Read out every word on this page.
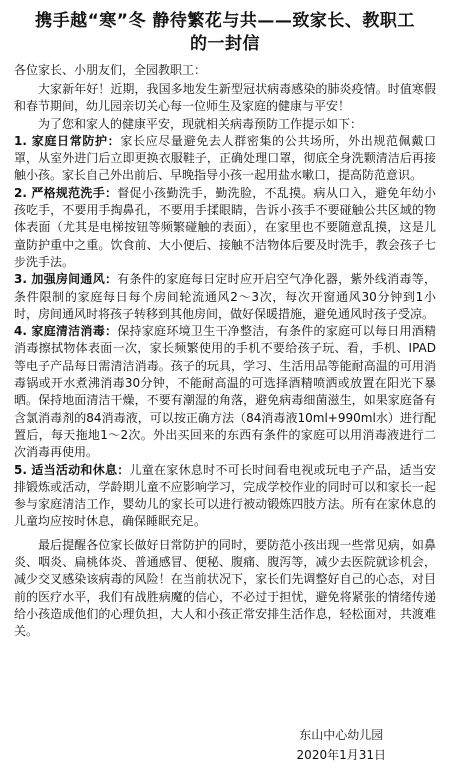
携手越“寒”冬 静待繁花与共——致家长、教职工
的一封信

各位家长、小朋友们，全园教职工：

大家新年好！近期，我国多地发生新型冠状病毒感染的肺炎疫情。时值寒假和春节期间，幼儿园亲切关心每一位师生及家庭的健康与平安！

为了您和家人的健康平安，现就相关病毒预防工作提示如下：

1. 家庭日常防护：家长应尽量避免去人群密集的公共场所，外出规范佩戴口罩，从室外进门后立即更换衣服鞋子，正确处理口罩，彻底全身洗颗清洁后再接触小孩。家长自己外出前后、早晚指导小孩一起用盐水嗽口，提高防范意识。

2. 严格规范洗手：督促小孩勤洗手，勤洗脸，不乱摸。病从口入，避免年幼小孩吃手，不要用手掏鼻孔，不要用手揉眼睛，告诉小孩手不要碰触公共区域的物体表面（尤其是电梯按钮等频繁碰触的表面），在家里也不要随意乱摸，这是儿童防护重中之重。饮食前、大小便后、接触不洁物体后要及时洗手，教会孩子七步洗手法。

3. 加强房间通风：有条件的家庭每日定时应开启空气净化器，紫外线消毒等，条件限制的家庭每日每个房间轮流通风2～3次，每次开窗通风30分钟到1小时，房间通风时将孩子转移到其他房间，做好保暖措施，避免通风时孩子受凉。

4. 家庭清洁消毒：保持家庭环境卫生干净整洁，有条件的家庭可以每日用酒精消毒擦拭物体表面一次，家长频繁使用的手机不要给孩子玩、看，手机、IPAD等电子产品每日需清洁消毒。孩子的玩具，学习、生活用品等能耐高温的可用消毒锅或开水煮沸消毒30分钟，不能耐高温的可选择酒精喷洒或放置在阳光下暴晒。保持地面清洁干燥，不要有潮湿的角落，避免病毒细菌滋生，如果家庭备有含氯消毒剂的84消毒液，可以按正确方法（84消毒液10ml+990ml水）进行配置后，每天拖地1～2次。外出买回来的东西有条件的家庭可以用消毒液进行二次消毒再使用。

5. 适当活动和休息：儿童在家休息时不可长时间看电视或玩电子产品，适当安排锻炼或活动，学龄期儿童不应影响学习，完成学校作业的同时可以和家长一起参与家庭清洁工作，婴幼儿的家长可以进行被动锻炼四肢方法。所有在家休息的儿童均应按时休息，确保睡眠充足。

最后提醒各位家长做好日常防护的同时，要防范小孩出现一些常见病，如鼻炎、咽炎、扁桃体炎、普通感冒、便秘、腹痛、腹泻等，减少去医院就诊机会，减少交叉感染该病毒的风险！在当前状况下，家长们先调整好自己的心态，对目前的医疗水平，我们有战胜病魔的信心，不必过于担忧，避免将紧张的情绪传递给小孩造成他们的心理负担，大人和小孩正常安排生活作息，轻松面对，共渡难关。

东山中心幼儿园
2020年1月31日
